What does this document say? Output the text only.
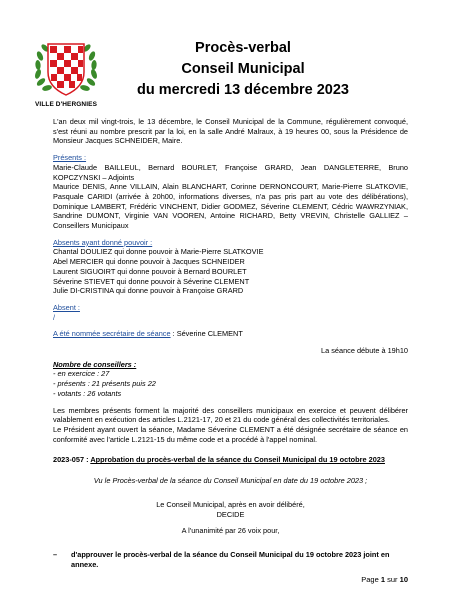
VILLE D'HERGNIES
Procès-verbal
Conseil Municipal
du mercredi 13 décembre 2023

L'an deux mil vingt-trois, le 13 décembre, le Conseil Municipal de la Commune, régulièrement convoqué, s'est réuni au nombre prescrit par la loi, en la salle André Malraux, à 19 heures 00, sous la Présidence de Monsieur Jacques SCHNEIDER, Maire.

Présents :

Marie-Claude BAILLEUL, Bernard BOURLET, Françoise GRARD, Jean DANGLETERRE, Bruno KOPCZYNSKI – Adjoints

Maurice DENIS, Anne VILLAIN, Alain BLANCHART, Corinne DERNONCOURT, Marie-Pierre SLATKOVIE, Pasquale CARIDI (arrivée à 20h00, informations diverses, n'a pas pris part au vote des délibérations), Dominique LAMBERT, Frédéric VINCHENT, Didier GODMEZ, Séverine CLEMENT, Cédric WAWRZYNIAK, Sandrine DUMONT, Virginie VAN VOOREN, Antoine RICHARD, Betty VREVIN, Christelle GALLIEZ – Conseillers Municipaux

Absents ayant donné pouvoir :

Chantal DOULIEZ qui donne pouvoir à Marie-Pierre SLATKOVIE

Abel MERCIER qui donne pouvoir à Jacques SCHNEIDER

Laurent SIGUOIRT qui donne pouvoir à Bernard BOURLET

Séverine STIEVET qui donne pouvoir à Séverine CLEMENT

Julie DI-CRISTINA qui donne pouvoir à Françoise GRARD

Absent :

/

A été nommée secrétaire de séance : Séverine CLEMENT

La séance débute à 19h10

Nombre de conseillers :

- en exercice : 27

- présents : 21 présents puis 22

- votants : 26 votants

Les membres présents forment la majorité des conseillers municipaux en exercice et peuvent délibérer valablement en exécution des articles L.2121-17, 20 et 21 du code général des collectivités territoriales.

Le Président ayant ouvert la séance, Madame Séverine CLEMENT a été désignée secrétaire de séance en conformité avec l'article L.2121-15 du même code et a procédé à l'appel nominal.

2023-057 : Approbation du procès-verbal de la séance du Conseil Municipal du 19 octobre 2023

Vu le Procès-verbal de la séance du Conseil Municipal en date du 19 octobre 2023 ;

Le Conseil Municipal, après en avoir délibéré,

DECIDE

A l'unanimité par 26 voix pour,

–	d'approuver le procès-verbal de la séance du Conseil Municipal du 19 octobre 2023 joint en annexe.
Page 1 sur 10
